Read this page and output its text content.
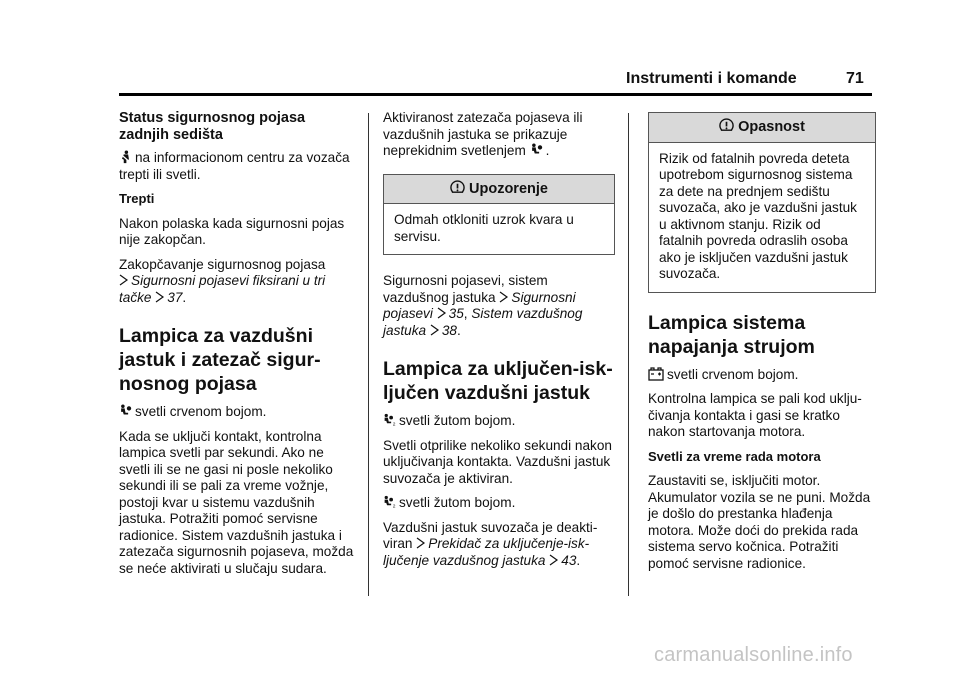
Instrumenti i komande	71
Status sigurnosnog pojasa zadnjih sedišta

na informacionom centru za vozača trepti ili svetli.

Trepti

Nakon polaska kada sigurnosni pojas nije zakopčan.

Zakopčavanje sigurnosnog pojasa
Sigurnosni pojasevi fiksirani u tri tačke 37.

Lampica za vazdušni jastuk i zatezač sigur-nosnog pojasa

svetli crvenom bojom.

Kada se uključi kontakt, kontrolna lampica svetli par sekundi. Ako ne svetli ili se ne gasi ni posle nekoliko sekundi ili se pali za vreme vožnje, postoji kvar u sistemu vazdušnih jastuka. Potražiti pomoć servisne radionice. Sistem vazdušnih jastuka i zatezača sigurnosnih pojaseva, možda se neće aktivirati u slučaju sudara.

Aktiviranost zatezača pojaseva ili vazdušnih jastuka se prikazuje neprekidnim svetlenjem .

Upozorenje
Odmah otkloniti uzrok kvara u servisu.

Sigurnosni pojasevi, sistem vazdušnog jastuka Sigurnosni pojasevi 35, Sistem vazdušnog jastuka 38.

Lampica za uključen-isk-ljučen vazdušni jastuk

2 svetli žutom bojom.

Svetli otprilike nekoliko sekundi nakon uključivanja kontakta. Vazdušni jastuk suvozača je aktiviran.

2 svetli žutom bojom.

Vazdušni jastuk suvozača je deakti-viran Prekidač za uključenje-isk-ljučenje vazdušnog jastuka 43.

Opasnost
Rizik od fatalnih povreda deteta upotrebom sigurnosnog sistema za dete na prednjem sedištu suvozača, ako je vazdušni jastuk u aktivnom stanju. Rizik od fatalnih povreda odraslih osoba ako je isključen vazdušni jastuk suvozača.
Lampica sistema napajanja strujom

svetli crvenom bojom.

Kontrolna lampica se pali kod uklju-čivanja kontakta i gasi se kratko nakon startovanja motora.

Svetli za vreme rada motora

Zaustaviti se, isključiti motor. Akumulator vozila se ne puni. Možda je došlo do prestanka hlađenja motora. Može doći do prekida rada sistema servo kočnica. Potražiti pomoć servisne radionice.

carmanualsonline.info
